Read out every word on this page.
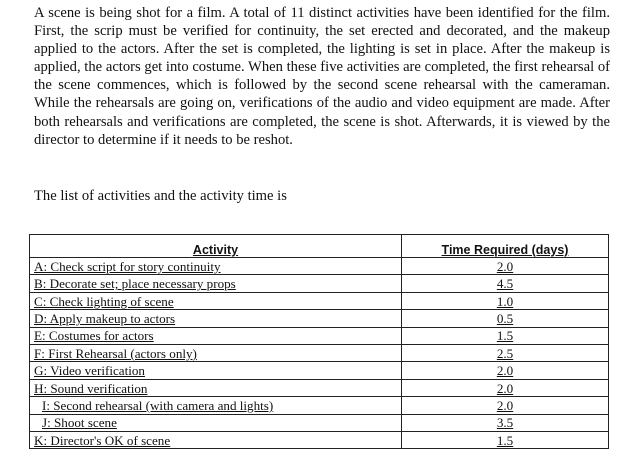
A scene is being shot for a film. A total of 11 distinct activities have been identified for the film. First, the scrip must be verified for continuity, the set erected and decorated, and the makeup applied to the actors. After the set is completed, the lighting is set in place. After the makeup is applied, the actors get into costume. When these five activities are completed, the first rehearsal of the scene commences, which is followed by the second scene rehearsal with the cameraman. While the rehearsals are going on, verifications of the audio and video equipment are made. After both rehearsals and verifications are completed, the scene is shot. Afterwards, it is viewed by the director to determine if it needs to be reshot.

The list of activities and the activity time is

Activity	Time Required (days)
A: Check script for story continuity	2.0
B: Decorate set; place necessary props	4.5
C: Check lighting of scene	1.0
D: Apply makeup to actors	0.5
E: Costumes for actors	1.5
F: First Rehearsal (actors only)	2.5
G: Video verification	2.0
H: Sound verification	2.0
I: Second rehearsal (with camera and lights)	2.0
J: Shoot scene	3.5
K: Director's OK of scene	1.5
